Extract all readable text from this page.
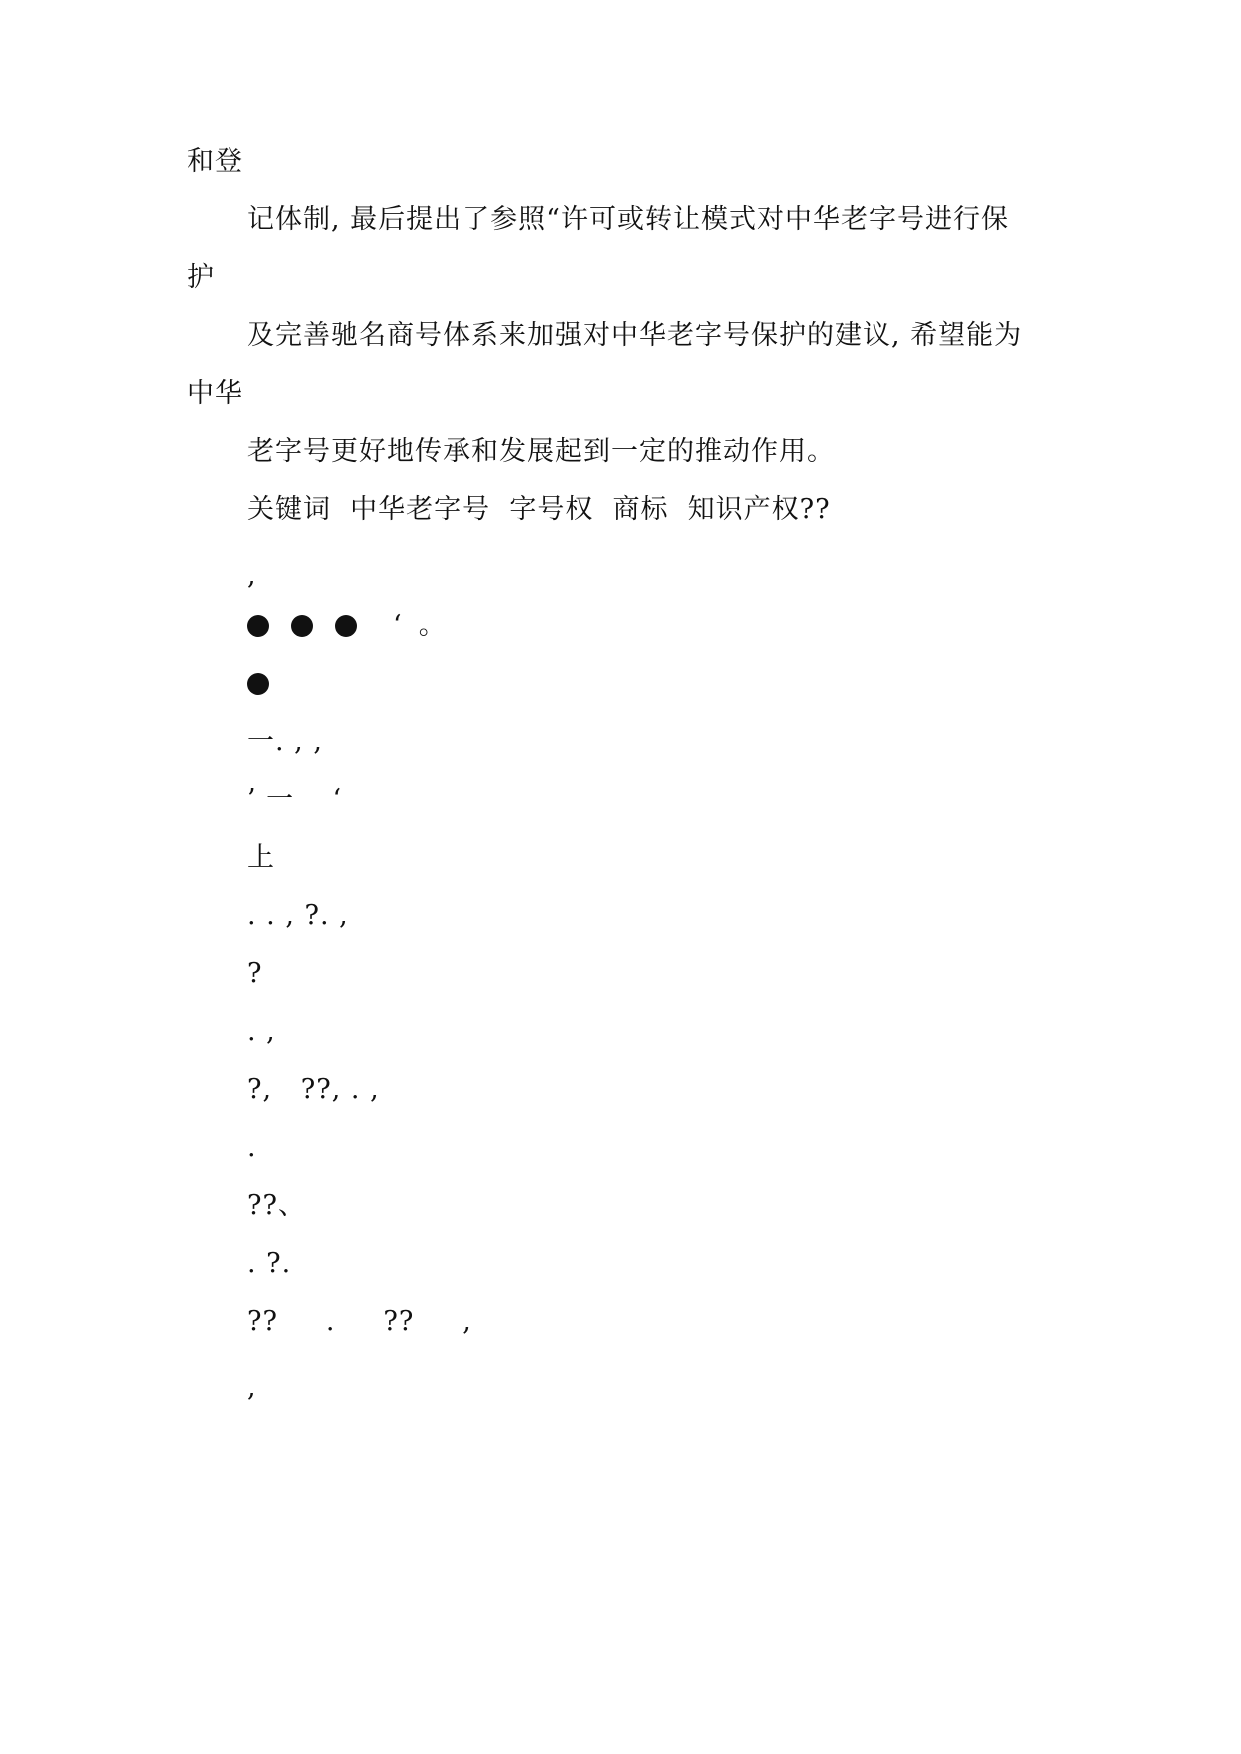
和登
记体制, 最后提出了参照“许可或转让模式对中华老字号进行保
护
及完善驰名商号体系来加强对中华老字号保护的建议, 希望能为
中华
老字号更好地传承和发展起到一定的推动作用。
关键词  中华老字号  字号权  商标  知识产权??
,
‘  。
一. , ,
’ 一    ‘
上
. . , ?. ,
?
. ,
?,   ??, . ,
.
??、
. ?.
??     .     ??     ,
,
